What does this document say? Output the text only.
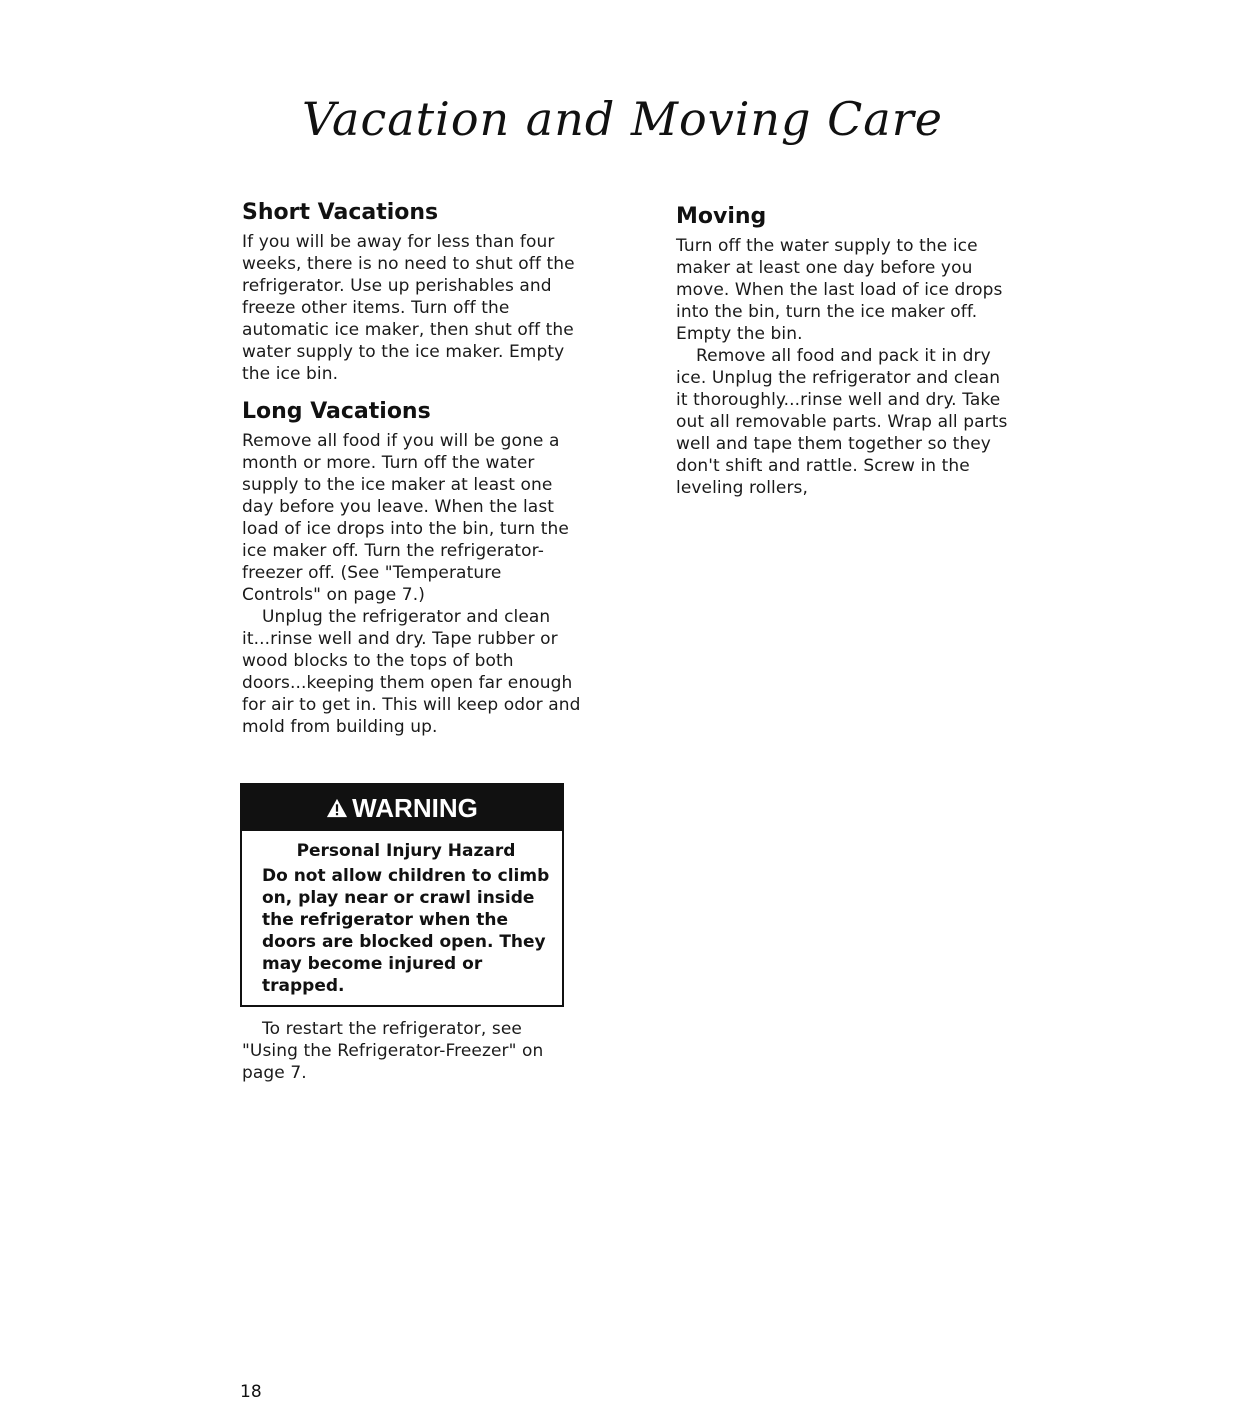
Vacation and Moving Care
Short Vacations

If you will be away for less than four weeks, there is no need to shut off the refrigerator. Use up perishables and freeze other items. Turn off the automatic ice maker, then shut off the water supply to the ice maker. Empty the ice bin.

Long Vacations

Remove all food if you will be gone a month or more. Turn off the water supply to the ice maker at least one day before you leave. When the last load of ice drops into the bin, turn the ice maker off. Turn the refrigerator-freezer off. (See "Temperature Controls" on page 7.)

Unplug the refrigerator and clean it...rinse well and dry. Tape rubber or wood blocks to the tops of both doors...keeping them open far enough for air to get in. This will keep odor and mold from building up.

WARNING
Personal Injury Hazard

Do not allow children to climb on, play near or crawl inside the refrigerator when the doors are blocked open. They may become injured or trapped.

To restart the refrigerator, see "Using the Refrigerator-Freezer" on page 7.

Moving

Turn off the water supply to the ice maker at least one day before you move. When the last load of ice drops into the bin, turn the ice maker off. Empty the bin.

Remove all food and pack it in dry ice. Unplug the refrigerator and clean it thoroughly...rinse well and dry. Take out all removable parts. Wrap all parts well and tape them together so they don't shift and rattle. Screw in the leveling rollers,

18
